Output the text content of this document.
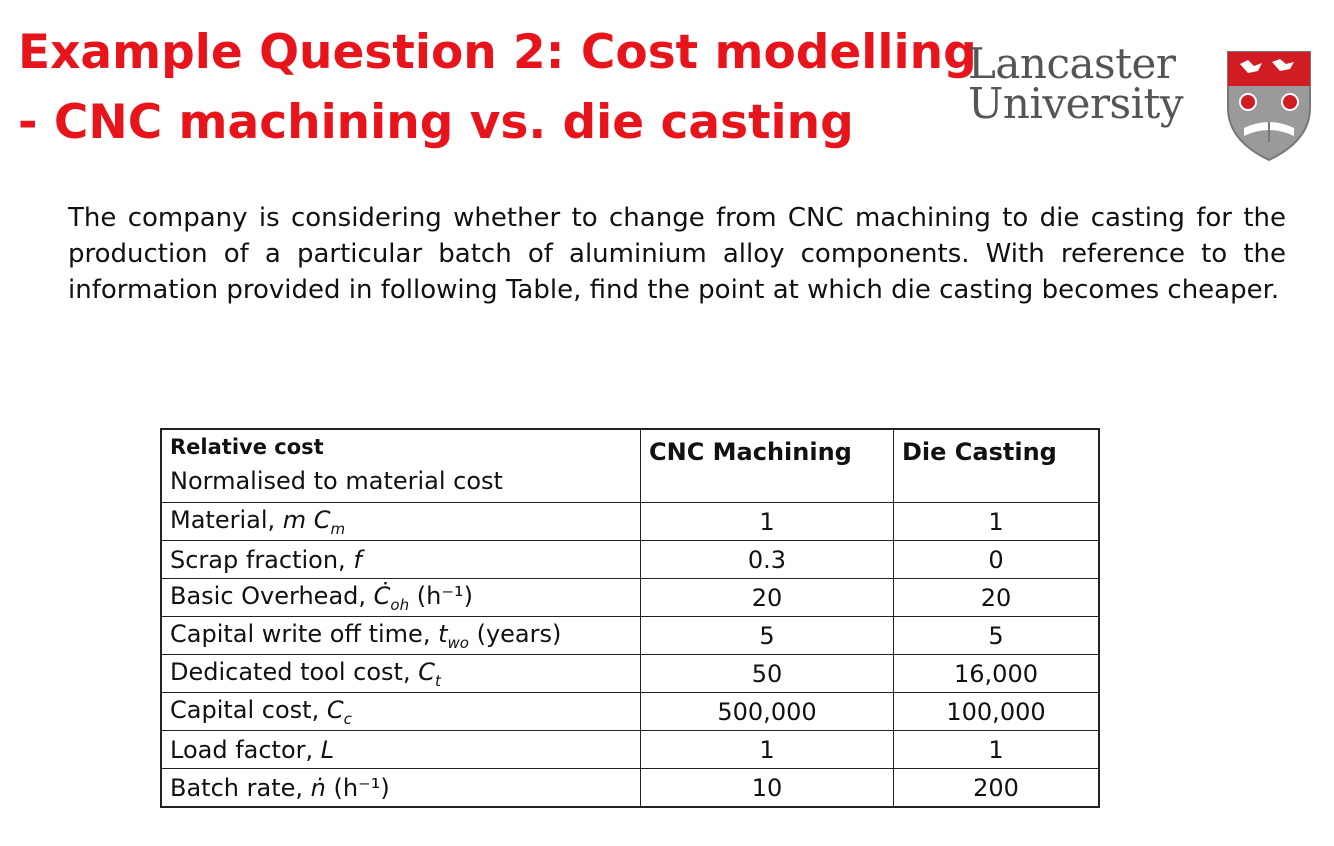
Example Question 2: Cost modelling
- CNC machining vs. die casting
Lancaster
University

The company is considering whether to change from CNC machining to die casting for the production of a particular batch of aluminium alloy components. With reference to the information provided in following Table, find the point at which die casting becomes cheaper.

Relative cost
Normalised to material cost	CNC Machining	Die Casting
Material, m $C_m$	1	1
Scrap fraction, f	0.3	0
Basic Overhead, $Ċ_{oh}$ (h⁻¹)	20	20
Capital write off time, $t_{wo}$ (years)	5	5
Dedicated tool cost, $C_t$	50	16,000
Capital cost, $C_c$	500,000	100,000
Load factor, L	1	1
Batch rate, ṅ (h⁻¹)	10	200
